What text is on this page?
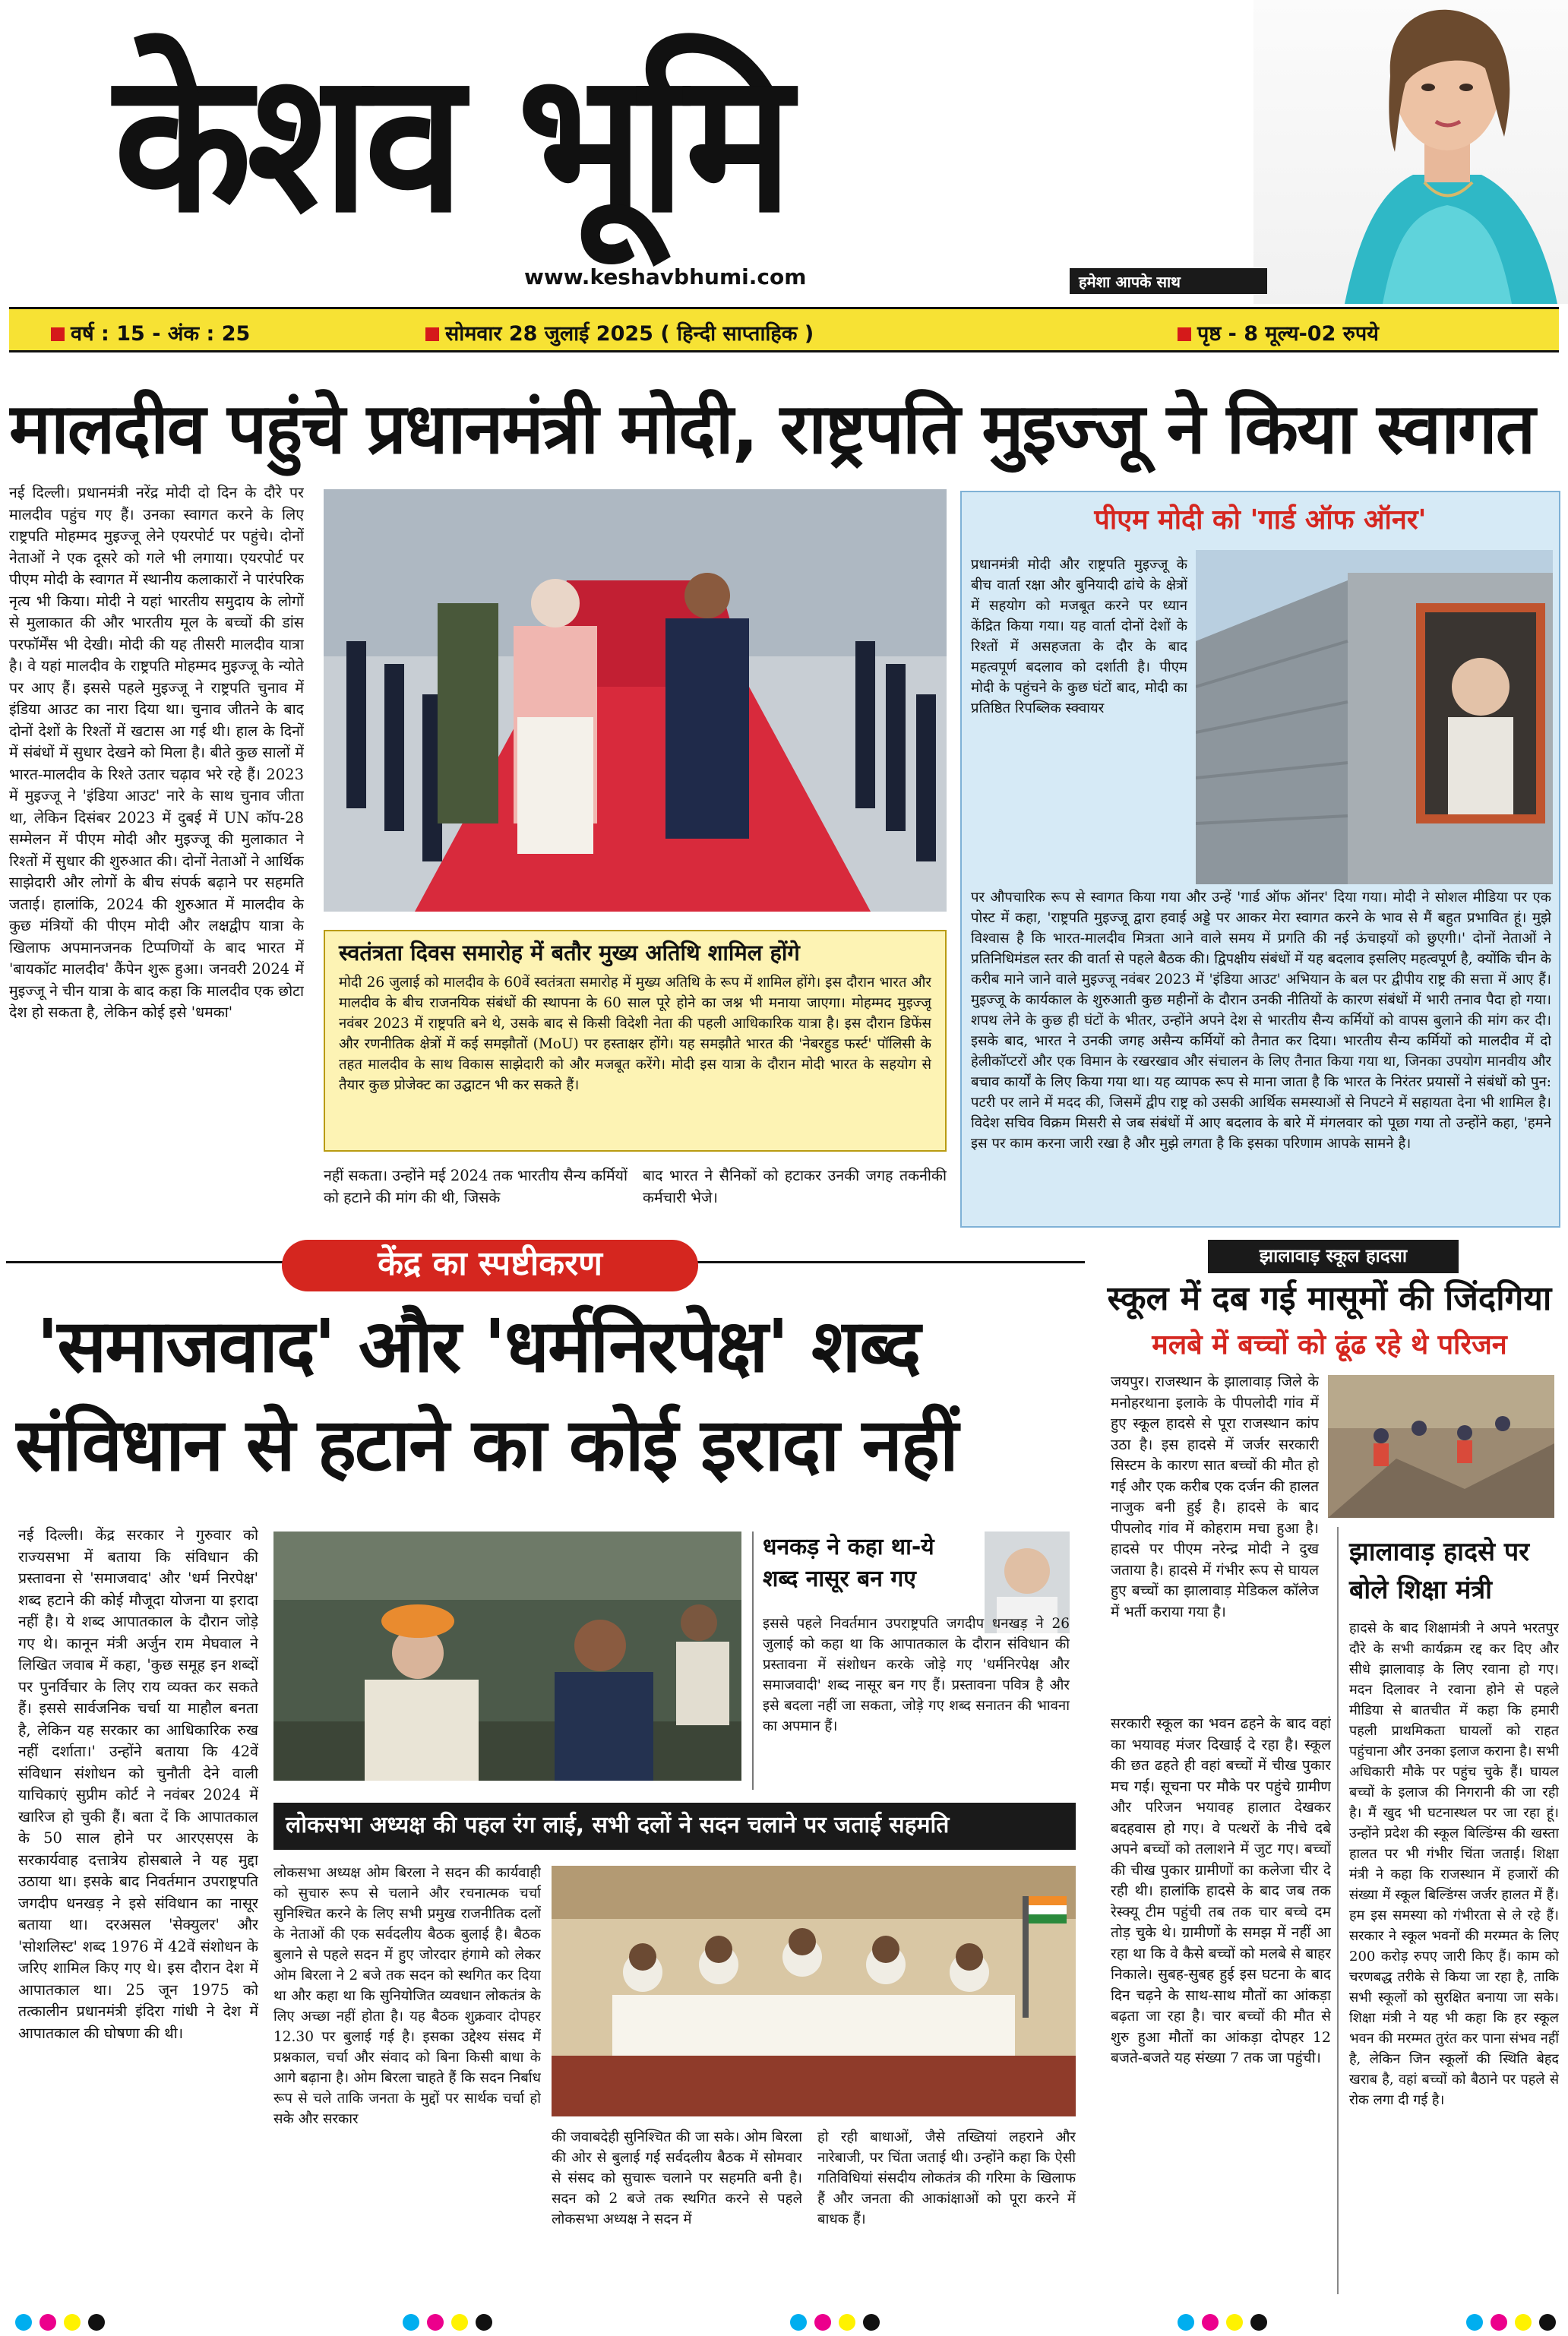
केशव भूमि
www.keshavbhumi.com	हमेशा आपके साथ
वर्ष : 15 - अंक : 25	सोमवार 28 जुलाई 2025 ( हिन्दी साप्ताहिक )	पृष्ठ - 8 मूल्य-02 रुपये
मालदीव पहुंचे प्रधानमंत्री मोदी, राष्ट्रपति मुइज्जू ने किया स्वागत
नई दिल्ली। प्रधानमंत्री नरेंद्र मोदी दो दिन के दौरे पर मालदीव पहुंच गए हैं। उनका स्वागत करने के लिए राष्ट्रपति मोहम्मद मुइज्जू लेने एयरपोर्ट पर पहुंचे। दोनों नेताओं ने एक दूसरे को गले भी लगाया। एयरपोर्ट पर पीएम मोदी के स्वागत में स्थानीय कलाकारों ने पारंपरिक नृत्य भी किया। मोदी ने यहां भारतीय समुदाय के लोगों से मुलाकात की और भारतीय मूल के बच्चों की डांस परफॉर्मेंस भी देखी। मोदी की यह तीसरी मालदीव यात्रा है। वे यहां मालदीव के राष्ट्रपति मोहम्मद मुइज्जू के न्योते पर आए हैं। इससे पहले मुइज्जू ने राष्ट्रपति चुनाव में इंडिया आउट का नारा दिया था। चुनाव जीतने के बाद दोनों देशों के रिश्तों में खटास आ गई थी। हाल के दिनों में संबंधों में सुधार देखने को मिला है। बीते कुछ सालों में भारत-मालदीव के रिश्ते उतार चढ़ाव भरे रहे हैं। 2023 में मुइज्जू ने 'इंडिया आउट' नारे के साथ चुनाव जीता था, लेकिन दिसंबर 2023 में दुबई में UN कॉप-28 सम्मेलन में पीएम मोदी और मुइज्जू की मुलाकात ने रिश्तों में सुधार की शुरुआत की। दोनों नेताओं ने आर्थिक साझेदारी और लोगों के बीच संपर्क बढ़ाने पर सहमति जताई। हालांकि, 2024 की शुरुआत में मालदीव के कुछ मंत्रियों की पीएम मोदी और लक्षद्वीप यात्रा के खिलाफ अपमानजनक टिप्पणियों के बाद भारत में 'बायकॉट मालदीव' कैंपेन शुरू हुआ। जनवरी 2024 में मुइज्जू ने चीन यात्रा के बाद कहा कि मालदीव एक छोटा देश हो सकता है, लेकिन कोई इसे 'धमका'
स्वतंत्रता दिवस समारोह में बतौर मुख्य अतिथि शामिल होंगे
मोदी 26 जुलाई को मालदीव के 60वें स्वतंत्रता समारोह में मुख्य अतिथि के रूप में शामिल होंगे। इस दौरान भारत और मालदीव के बीच राजनयिक संबंधों की स्थापना के 60 साल पूरे होने का जश्न भी मनाया जाएगा। मोहम्मद मुइज्जू नवंबर 2023 में राष्ट्रपति बने थे, उसके बाद से किसी विदेशी नेता की पहली आधिकारिक यात्रा है। इस दौरान डिफेंस और रणनीतिक क्षेत्रों में कई समझौतों (MoU) पर हस्ताक्षर होंगे। यह समझौते भारत की 'नेबरहुड फर्स्ट' पॉलिसी के तहत मालदीव के साथ विकास साझेदारी को और मजबूत करेंगे। मोदी इस यात्रा के दौरान मोदी भारत के सहयोग से तैयार कुछ प्रोजेक्ट का उद्घाटन भी कर सकते हैं।
नहीं सकता। उन्होंने मई 2024 तक भारतीय सैन्य कर्मियों को हटाने की मांग की थी, जिसके
बाद भारत ने सैनिकों को हटाकर उनकी जगह तकनीकी कर्मचारी भेजे।
पीएम मोदी को 'गार्ड ऑफ ऑनर'
प्रधानमंत्री मोदी और राष्ट्रपति मुइज्जू के बीच वार्ता रक्षा और बुनियादी ढांचे के क्षेत्रों में सहयोग को मजबूत करने पर ध्यान केंद्रित किया गया। यह वार्ता दोनों देशों के रिश्तों में असहजता के दौर के बाद महत्वपूर्ण बदलाव को दर्शाती है। पीएम मोदी के पहुंचने के कुछ घंटों बाद, मोदी का प्रतिष्ठित रिपब्लिक स्क्वायर
पर औपचारिक रूप से स्वागत किया गया और उन्हें 'गार्ड ऑफ ऑनर' दिया गया। मोदी ने सोशल मीडिया पर एक पोस्ट में कहा, 'राष्ट्रपति मुइज्जू द्वारा हवाई अड्डे पर आकर मेरा स्वागत करने के भाव से मैं बहुत प्रभावित हूं। मुझे विश्वास है कि भारत-मालदीव मित्रता आने वाले समय में प्रगति की नई ऊंचाइयों को छुएगी।' दोनों नेताओं ने प्रतिनिधिमंडल स्तर की वार्ता से पहले बैठक की। द्विपक्षीय संबंधों में यह बदलाव इसलिए महत्वपूर्ण है, क्योंकि चीन के करीब माने जाने वाले मुइज्जू नवंबर 2023 में 'इंडिया आउट' अभियान के बल पर द्वीपीय राष्ट्र की सत्ता में आए हैं। मुइज्जू के कार्यकाल के शुरुआती कुछ महीनों के दौरान उनकी नीतियों के कारण संबंधों में भारी तनाव पैदा हो गया। शपथ लेने के कुछ ही घंटों के भीतर, उन्होंने अपने देश से भारतीय सैन्य कर्मियों को वापस बुलाने की मांग कर दी। इसके बाद, भारत ने उनकी जगह असैन्य कर्मियों को तैनात कर दिया। भारतीय सैन्य कर्मियों को मालदीव में दो हेलीकॉप्टरों और एक विमान के रखरखाव और संचालन के लिए तैनात किया गया था, जिनका उपयोग मानवीय और बचाव कार्यों के लिए किया गया था। यह व्यापक रूप से माना जाता है कि भारत के निरंतर प्रयासों ने संबंधों को पुन: पटरी पर लाने में मदद की, जिसमें द्वीप राष्ट्र को उसकी आर्थिक समस्याओं से निपटने में सहायता देना भी शामिल है। विदेश सचिव विक्रम मिसरी से जब संबंधों में आए बदलाव के बारे में मंगलवार को पूछा गया तो उन्होंने कहा, 'हमने इस पर काम करना जारी रखा है और मुझे लगता है कि इसका परिणाम आपके सामने है।
केंद्र का स्पष्टीकरण
'समाजवाद' और 'धर्मनिरपेक्ष' शब्द
संविधान से हटाने का कोई इरादा नहीं
नई दिल्ली। केंद्र सरकार ने गुरुवार को राज्यसभा में बताया कि संविधान की प्रस्तावना से 'समाजवाद' और 'धर्म निरपेक्ष' शब्द हटाने की कोई मौजूदा योजना या इरादा नहीं है। ये शब्द आपातकाल के दौरान जोड़े गए थे। कानून मंत्री अर्जुन राम मेघवाल ने लिखित जवाब में कहा, 'कुछ समूह इन शब्दों पर पुनर्विचार के लिए राय व्यक्त कर सकते हैं। इससे सार्वजनिक चर्चा या माहौल बनता है, लेकिन यह सरकार का आधिकारिक रुख नहीं दर्शाता।' उन्होंने बताया कि 42वें संविधान संशोधन को चुनौती देने वाली याचिकाएं सुप्रीम कोर्ट ने नवंबर 2024 में खारिज हो चुकी हैं। बता दें कि आपातकाल के 50 साल होने पर आरएसएस के सरकार्यवाह दत्तात्रेय होसबाले ने यह मुद्दा उठाया था। इसके बाद निवर्तमान उपराष्ट्रपति जगदीप धनखड़ ने इसे संविधान का नासूर बताया था। दरअसल 'सेक्युलर' और 'सोशलिस्ट' शब्द 1976 में 42वें संशोधन के जरिए शामिल किए गए थे। इस दौरान देश में आपातकाल था। 25 जून 1975 को तत्कालीन प्रधानमंत्री इंदिरा गांधी ने देश में आपातकाल की घोषणा की थी।
धनकड़ ने कहा था-ये शब्द नासूर बन गए
इससे पहले निवर्तमान उपराष्ट्रपति जगदीप धनखड़ ने 26 जुलाई को कहा था कि आपातकाल के दौरान संविधान की प्रस्तावना में संशोधन करके जोड़े गए 'धर्मनिरपेक्ष और समाजवादी' शब्द नासूर बन गए हैं। प्रस्तावना पवित्र है और इसे बदला नहीं जा सकता, जोड़े गए शब्द सनातन की भावना का अपमान हैं।
लोकसभा अध्यक्ष की पहल रंग लाई, सभी दलों ने सदन चलाने पर जताई सहमति
लोकसभा अध्यक्ष ओम बिरला ने सदन की कार्यवाही को सुचारु रूप से चलाने और रचनात्मक चर्चा सुनिश्चित करने के लिए सभी प्रमुख राजनीतिक दलों के नेताओं की एक सर्वदलीय बैठक बुलाई है। बैठक बुलाने से पहले सदन में हुए जोरदार हंगामे को लेकर ओम बिरला ने 2 बजे तक सदन को स्थगित कर दिया था और कहा था कि सुनियोजित व्यवधान लोकतंत्र के लिए अच्छा नहीं होता है। यह बैठक शुक्रवार दोपहर 12.30 पर बुलाई गई है। इसका उद्देश्य संसद में प्रश्नकाल, चर्चा और संवाद को बिना किसी बाधा के आगे बढ़ाना है। ओम बिरला चाहते हैं कि सदन निर्बाध रूप से चले ताकि जनता के मुद्दों पर सार्थक चर्चा हो सके और सरकार
की जवाबदेही सुनिश्चित की जा सके। ओम बिरला की ओर से बुलाई गई सर्वदलीय बैठक में सोमवार से संसद को सुचारू चलाने पर सहमति बनी है। सदन को 2 बजे तक स्थगित करने से पहले लोकसभा अध्यक्ष ने सदन में
हो रही बाधाओं, जैसे तख्तियां लहराने और नारेबाजी, पर चिंता जताई थी। उन्होंने कहा कि ऐसी गतिविधियां संसदीय लोकतंत्र की गरिमा के खिलाफ हैं और जनता की आकांक्षाओं को पूरा करने में बाधक हैं।
झालावाड़ स्कूल हादसा
स्कूल में दब गई मासूमों की जिंदगिया
मलबे में बच्चों को ढूंढ रहे थे परिजन
जयपुर। राजस्थान के झालावाड़ जिले के मनोहरथाना इलाके के पीपलोदी गांव में हुए स्कूल हादसे से पूरा राजस्थान कांप उठा है। इस हादसे में जर्जर सरकारी सिस्टम के कारण सात बच्चों की मौत हो गई और एक करीब एक दर्जन की हालत नाजुक बनी हुई है। हादसे के बाद पीपलोद गांव में कोहराम मचा हुआ है। हादसे पर पीएम नरेन्द्र मोदी ने दुख जताया है। हादसे में गंभीर रूप से घायल हुए बच्चों का झालावाड़ मेडिकल कॉलेज में भर्ती कराया गया है।
झालावाड़ हादसे पर बोले शिक्षा मंत्री
हादसे के बाद शिक्षामंत्री ने अपने भरतपुर दौरे के सभी कार्यक्रम रद्द कर दिए और सीधे झालावाड़ के लिए रवाना हो गए। मदन दिलावर ने रवाना होने से पहले मीडिया से बातचीत में कहा कि हमारी पहली प्राथमिकता घायलों को राहत पहुंचाना और उनका इलाज कराना है। सभी अधिकारी मौके पर पहुंच चुके हैं। घायल बच्चों के इलाज की निगरानी की जा रही है। मैं खुद भी घटनास्थल पर जा रहा हूं। उन्होंने प्रदेश की स्कूल बिल्डिंग्स की खस्ता हालत पर भी गंभीर चिंता जताई। शिक्षा मंत्री ने कहा कि राजस्थान में हजारों की संख्या में स्कूल बिल्डिंग्स जर्जर हालत में हैं। हम इस समस्या को गंभीरता से ले रहे हैं। सरकार ने स्कूल भवनों की मरम्मत के लिए 200 करोड़ रुपए जारी किए हैं। काम को चरणबद्ध तरीके से किया जा रहा है, ताकि सभी स्कूलों को सुरक्षित बनाया जा सके। शिक्षा मंत्री ने यह भी कहा कि हर स्कूल भवन की मरम्मत तुरंत कर पाना संभव नहीं है, लेकिन जिन स्कूलों की स्थिति बेहद खराब है, वहां बच्चों को बैठाने पर पहले से रोक लगा दी गई है।
सरकारी स्कूल का भवन ढहने के बाद वहां का भयावह मंजर दिखाई दे रहा है। स्कूल की छत ढहते ही वहां बच्चों में चीख पुकार मच गई। सूचना पर मौके पर पहुंचे ग्रामीण और परिजन भयावह हालात देखकर बदहवास हो गए। वे पत्थरों के नीचे दबे अपने बच्चों को तलाशने में जुट गए। बच्चों की चीख पुकार ग्रामीणों का कलेजा चीर दे रही थी। हालांकि हादसे के बाद जब तक रेस्क्यू टीम पहुंची तब तक चार बच्चे दम तोड़ चुके थे। ग्रामीणों के समझ में नहीं आ रहा था कि वे कैसे बच्चों को मलबे से बाहर निकाले। सुबह-सुबह हुई इस घटना के बाद दिन चढ़ने के साथ-साथ मौतों का आंकड़ा बढ़ता जा रहा है। चार बच्चों की मौत से शुरु हुआ मौतों का आंकड़ा दोपहर 12 बजते-बजते यह संख्या 7 तक जा पहुंची।
